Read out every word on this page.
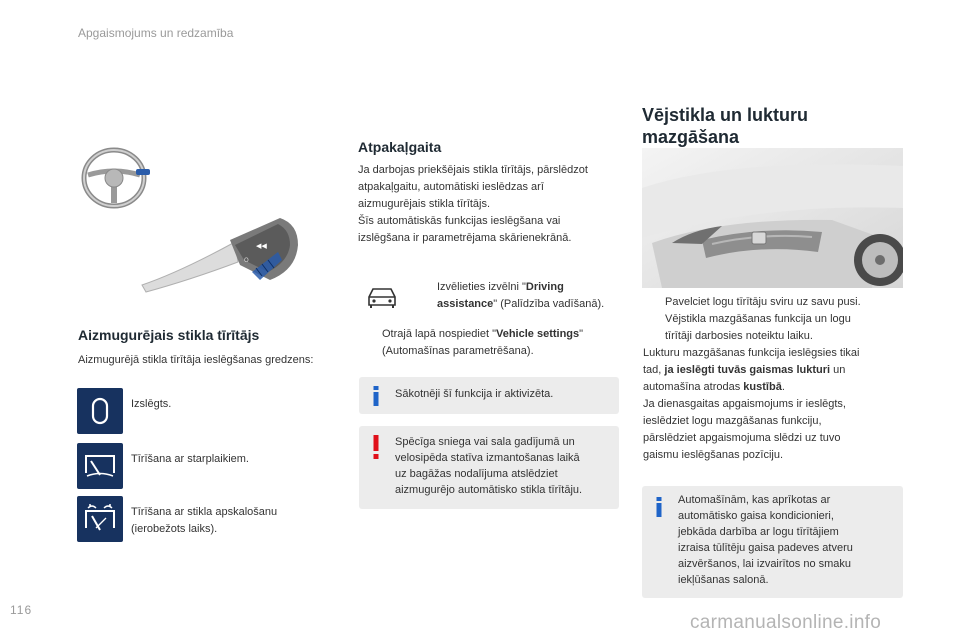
Apgaismojums un redzamība
◀◀
O
Aizmugurējais stikla tīrītājs
Aizmugurējā stikla tīrītāja ieslēgšanas gredzens:
Izslēgts.
Tīrīšana ar starplaikiem.
Tīrīšana ar stikla apskalošanu
(ierobežots laiks).
Atpakaļgaita

Ja darbojas priekšējais stikla tīrītājs, pārslēdzot

atpakaļgaitu, automātiski ieslēdzas arī

aizmugurējais stikla tīrītājs.

Šīs automātiskās funkcijas ieslēgšana vai

izslēgšana ir parametrējama skārienekrānā.

Izvēlieties izvēlni "Driving
assistance" (Palīdzība vadīšanā).
Otrajā lapā nospiediet "Vehicle settings"
(Automašīnas parametrēšana).
Sākotnēji šī funkcija ir aktivizēta.
Spēcīga sniega vai sala gadījumā un
velosipēda statīva izmantošanas laikā
uz bagāžas nodalījuma atslēdziet
aizmugurējo automātisko stikla tīrītāju.
Vējstikla un lukturu
mazgāšana
Pavelciet logu tīrītāju sviru uz savu pusi.
Vējstikla mazgāšanas funkcija un logu
tīrītāji darbosies noteiktu laiku.

Lukturu mazgāšanas funkcija ieslēgsies tikai

tad, ja ieslēgti tuvās gaismas lukturi un

automašīna atrodas kustībā.

Ja dienasgaitas apgaismojums ir ieslēgts,

ieslēdziet logu mazgāšanas funkciju,

pārslēdziet apgaismojuma slēdzi uz tuvo

gaismu ieslēgšanas pozīciju.

Automašīnām, kas aprīkotas ar
automātisko gaisa kondicionieri,
jebkāda darbība ar logu tīrītājiem
izraisa tūlītēju gaisa padeves atveru
aizvēršanos, lai izvairītos no smaku
iekļūšanas salonā.
116
carmanualsonline.info
